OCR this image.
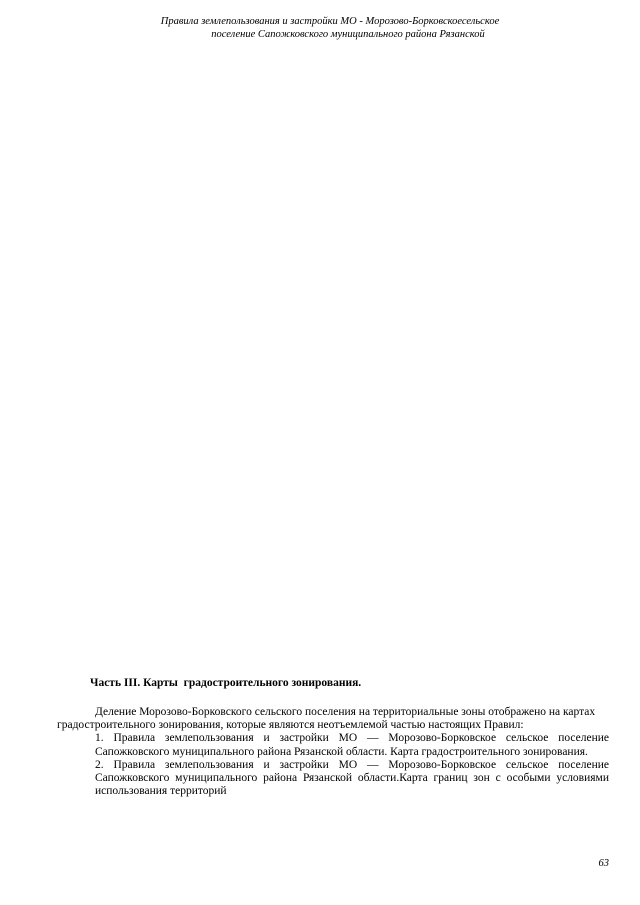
Правила землепользования и застройки МО - Морозово-Борковскоесельское
поселение Сапожковского муниципального района Рязанской
Часть III. Карты  градостроительного зонирования.

Деление Морозово-Борковского сельского поселения на территориальные зоны отображено на картах градостроительного зонирования, которые являются неотъемлемой частью настоящих Правил:

1. Правила землепользования и застройки МО — Морозово-Борковское сельское поселение Сапожковского муниципального района Рязанской области. Карта градостроительного зонирования.

2. Правила землепользования и застройки МО — Морозово-Борковское сельское поселение Сапожковского муниципального района Рязанской области.Карта границ зон с особыми условиями использования территорий

63
